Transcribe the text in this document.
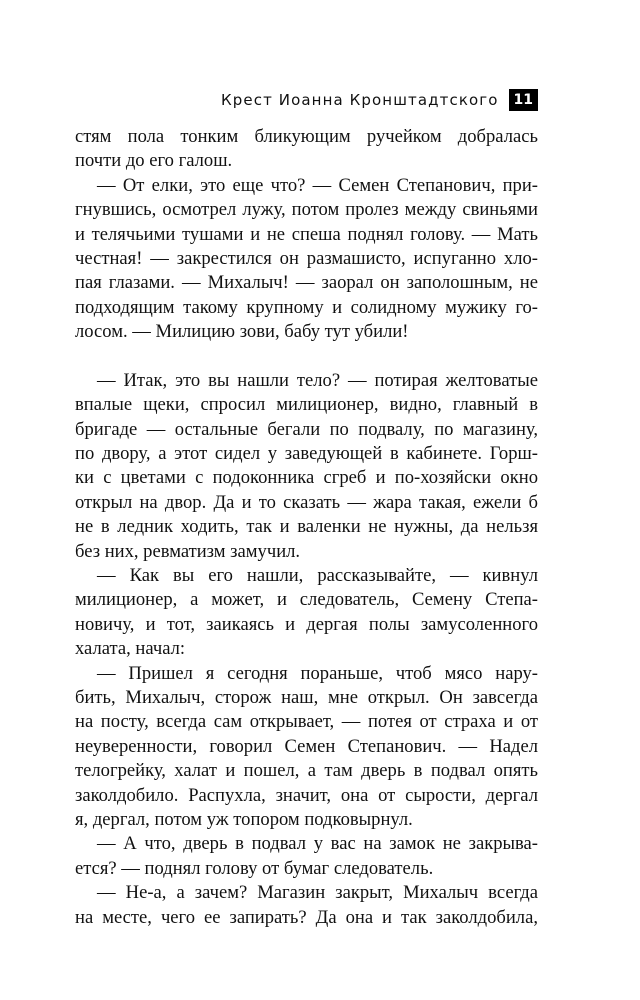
Крест Иоанна Кронштадтского	11
стям пола тонким бликующим ручейком добралась
почти до его галош.
— От елки, это еще что? — Семен Степанович, при-
гнувшись, осмотрел лужу, потом пролез между свиньями
и телячьими тушами и не спеша поднял голову. — Мать
честная! — закрестился он размашисто, испуганно хло-
пая глазами. — Михалыч! — заорал он заполошным, не
подходящим такому крупному и солидному мужику го-
лосом. — Милицию зови, бабу тут убили!
— Итак, это вы нашли тело? — потирая желтоватые
впалые щеки, спросил милиционер, видно, главный в
бригаде — остальные бегали по подвалу, по магазину,
по двору, а этот сидел у заведующей в кабинете. Горш-
ки с цветами с подоконника сгреб и по-хозяйски окно
открыл на двор. Да и то сказать — жара такая, ежели б
не в ледник ходить, так и валенки не нужны, да нельзя
без них, ревматизм замучил.
— Как вы его нашли, рассказывайте, — кивнул
милиционер, а может, и следователь, Семену Степа-
новичу, и тот, заикаясь и дергая полы замусоленного
халата, начал:
— Пришел я сегодня пораньше, чтоб мясо нару-
бить, Михалыч, сторож наш, мне открыл. Он завсегда
на посту, всегда сам открывает, — потея от страха и от
неуверенности, говорил Семен Степанович. — Надел
телогрейку, халат и пошел, а там дверь в подвал опять
заколдобило. Распухла, значит, она от сырости, дергал
я, дергал, потом уж топором подковырнул.
— А что, дверь в подвал у вас на замок не закрыва-
ется? — поднял голову от бумаг следователь.
— Не-а, а зачем? Магазин закрыт, Михалыч всегда
на месте, чего ее запирать? Да она и так заколдобила,
